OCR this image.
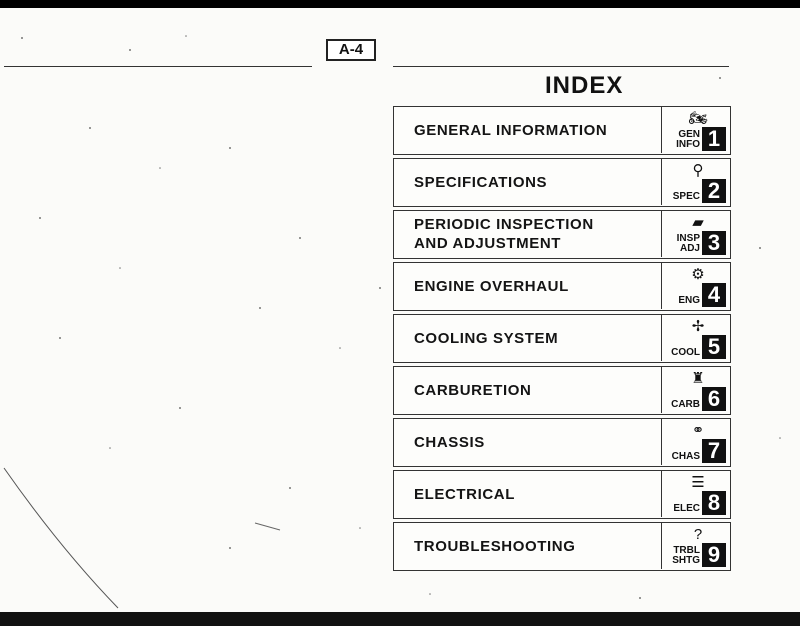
A-4
INDEX
GENERAL INFORMATION
🏍
GEN
INFO 1
SPECIFICATIONS
⚲
SPEC 2
PERIODIC INSPECTION
AND ADJUSTMENT
▰
INSP
ADJ 3
ENGINE OVERHAUL
⚙
ENG 4
COOLING SYSTEM
✢
COOL 5
CARBURETION
♜
CARB 6
CHASSIS
⚭
CHAS 7
ELECTRICAL
☰
ELEC 8
TROUBLESHOOTING
?
TRBL
SHTG 9
